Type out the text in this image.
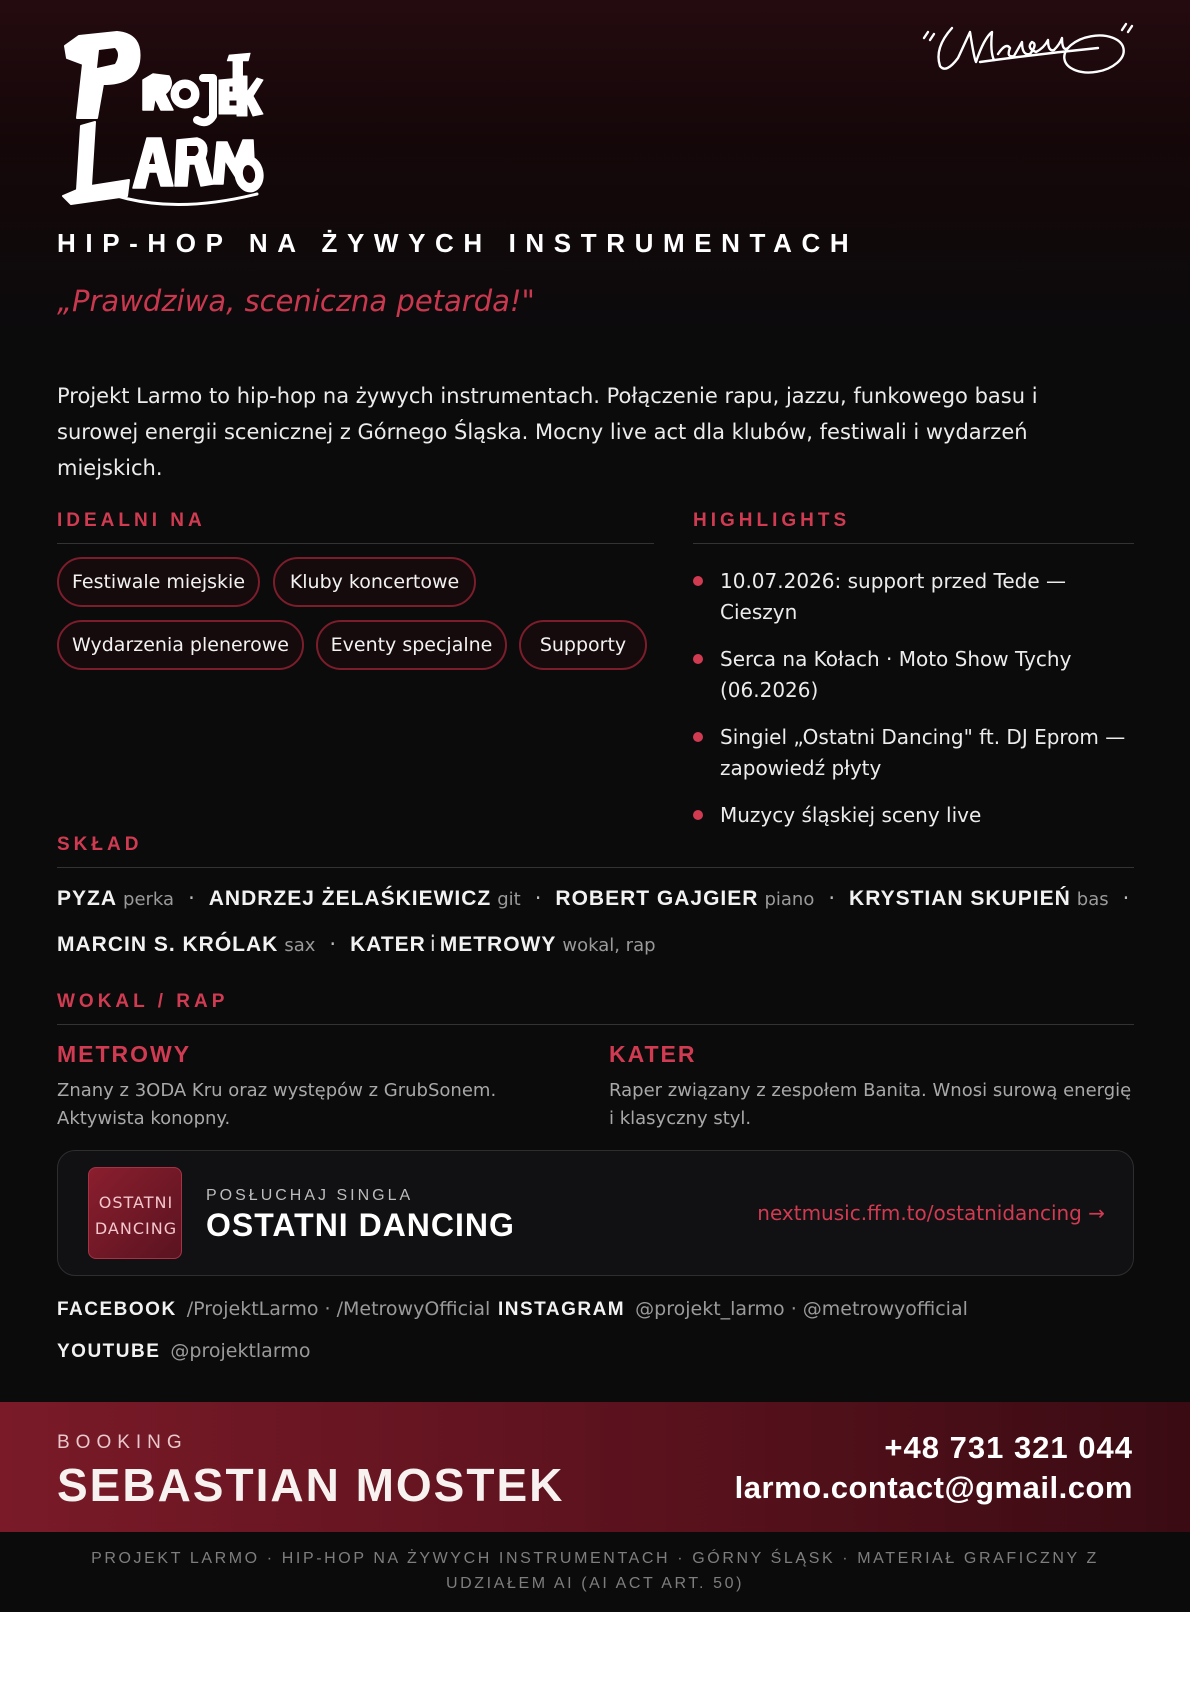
HIP-HOP NA ŻYWYCH INSTRUMENTACH
„Prawdziwa, sceniczna petarda!"

Projekt Larmo to hip-hop na żywych instrumentach. Połączenie rapu, jazzu, funkowego basu i surowej energii scenicznej z Górnego Śląska. Mocny live act dla klubów, festiwali i wydarzeń miejskich.

IDEALNI NA
Festiwale miejskie	Kluby koncertowe
Wydarzenia plenerowe	Eventy specjalne	Supporty
HIGHLIGHTS
10.07.2026: support przed Tede — Cieszyn
Serca na Kołach · Moto Show Tychy (06.2026)
Singiel „Ostatni Dancing" ft. DJ Eprom — zapowiedź płyty
Muzycy śląskiej sceny live
SKŁAD
PYZA perka · ANDRZEJ ŻELAŚKIEWICZ git · ROBERT GAJGIER piano · KRYSTIAN SKUPIEŃ bas ·
MARCIN S. KRÓLAK sax · KATER i METROWY wokal, rap
WOKAL / RAP
METROWY
Znany z 3ODA Kru oraz występów z GrubSonem. Aktywista konopny.
KATER
Raper związany z zespołem Banita. Wnosi surową energię i klasyczny styl.
OSTATNI
DANCING
POSŁUCHAJ SINGLA
OSTATNI DANCING	nextmusic.ffm.to/ostatnidancing →
FACEBOOK /ProjektLarmo · /MetrowyOfficial INSTAGRAM @projekt_larmo · @metrowyofficial
YOUTUBE @projektlarmo
BOOKING
SEBASTIAN MOSTEK
+48 731 321 044
larmo.contact@gmail.com
PROJEKT LARMO · HIP-HOP NA ŻYWYCH INSTRUMENTACH · GÓRNY ŚLĄSK · MATERIAŁ GRAFICZNY Z
UDZIAŁEM AI (AI ACT ART. 50)
